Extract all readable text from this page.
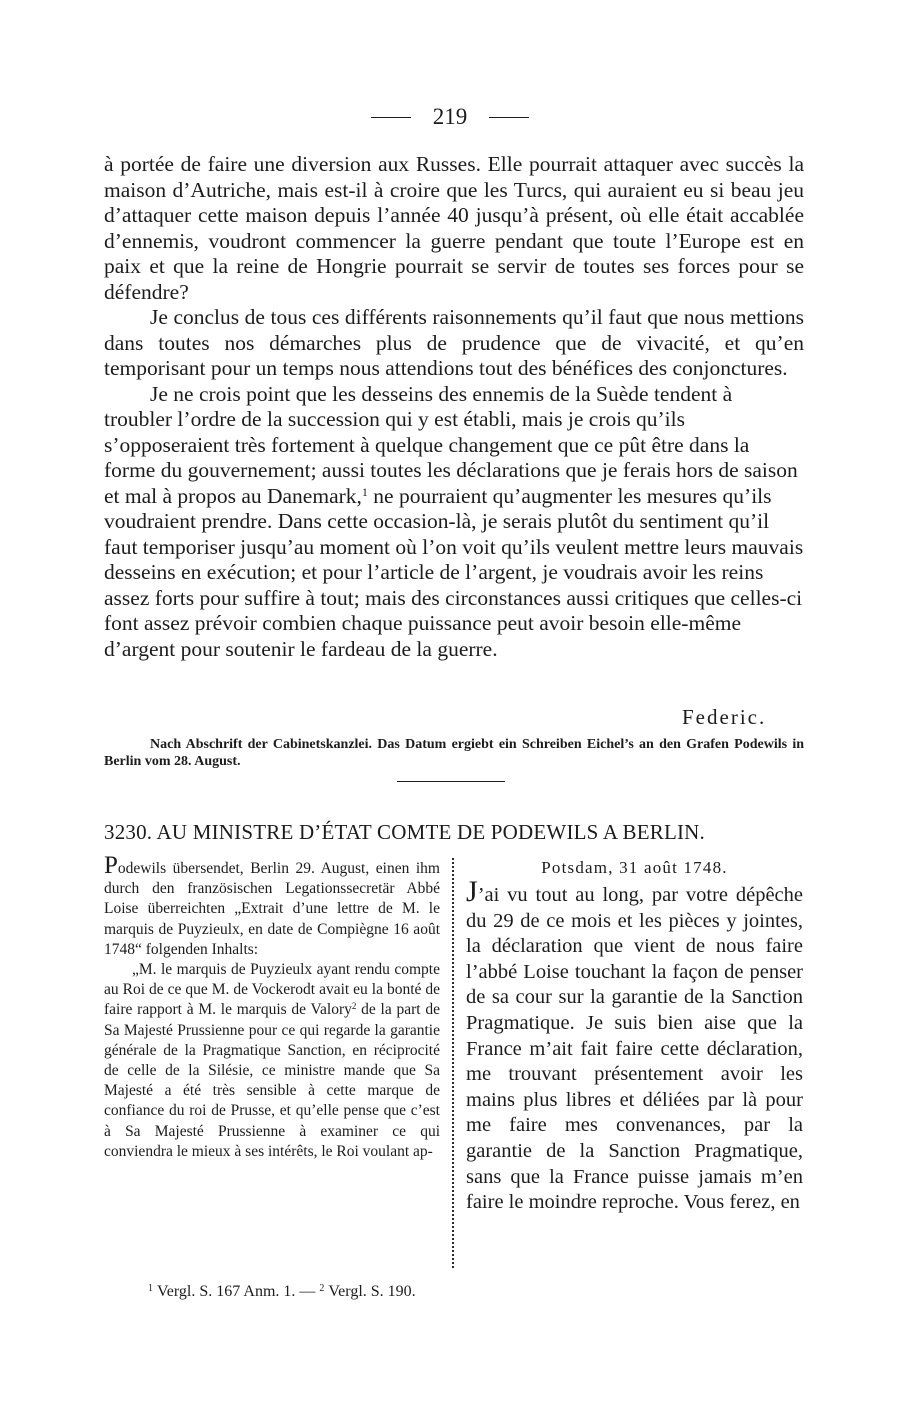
219

à portée de faire une diversion aux Russes. Elle pourrait attaquer avec succès la maison d’Autriche, mais est-il à croire que les Turcs, qui auraient eu si beau jeu d’attaquer cette maison depuis l’année 40 jusqu’à présent, où elle était accablée d’ennemis, voudront commencer la guerre pendant que toute l’Europe est en paix et que la reine de Hongrie pourrait se servir de toutes ses forces pour se défendre?

Je conclus de tous ces différents raisonnements qu’il faut que nous mettions dans toutes nos démarches plus de prudence que de vivacité, et qu’en temporisant pour un temps nous attendions tout des bénéfices des conjonctures.

Je ne crois point que les desseins des ennemis de la Suède tendent à troubler l’ordre de la succession qui y est établi, mais je crois qu’ils s’opposeraient très fortement à quelque changement que ce pût être dans la forme du gouvernement; aussi toutes les déclarations que je ferais hors de saison et mal à propos au Danemark,$^1$ ne pourraient qu’augmenter les mesures qu’ils voudraient prendre. Dans cette occasion-là, je serais plutôt du sentiment qu’il faut temporiser jusqu’au moment où l’on voit qu’ils veulent mettre leurs mauvais desseins en exécution; et pour l’article de l’argent, je voudrais avoir les reins assez forts pour suffire à tout; mais des circonstances aussi critiques que celles-ci font assez prévoir combien chaque puissance peut avoir besoin elle-même d’argent pour soutenir le fardeau de la guerre.

Federic.
Nach Abschrift der Cabinetskanzlei. Das Datum ergiebt ein Schreiben Eichel’s an den Grafen Podewils in Berlin vom 28. August.
3230. AU MINISTRE D’ÉTAT COMTE DE PODEWILS A BERLIN.

Podewils übersendet, Berlin 29. August, einen ihm durch den französischen Legationssecretär Abbé Loise überreichten „Extrait d’une lettre de M. le marquis de Puyzieulx, en date de Compiègne 16 août 1748“ folgenden Inhalts:

„M. le marquis de Puyzieulx ayant rendu compte au Roi de ce que M. de Vockerodt avait eu la bonté de faire rapport à M. le marquis de Valory$^2$ de la part de Sa Majesté Prussienne pour ce qui regarde la garantie générale de la Pragmatique Sanction, en réciprocité de celle de la Silésie, ce ministre mande que Sa Majesté a été très sensible à cette marque de confiance du roi de Prusse, et qu’elle pense que c’est à Sa Majesté Prussienne à examiner ce qui conviendra le mieux à ses intérêts, le Roi voulant ap-

Potsdam, 31 août 1748.

J’ai vu tout au long, par votre dépêche du 29 de ce mois et les pièces y jointes, la déclaration que vient de nous faire l’abbé Loise touchant la façon de penser de sa cour sur la garantie de la Sanction Pragmatique. Je suis bien aise que la France m’ait fait faire cette déclaration, me trouvant présentement avoir les mains plus libres et déliées par là pour me faire mes convenances, par la garantie de la Sanction Pragmatique, sans que la France puisse jamais m’en faire le moindre reproche. Vous ferez, en

$^1$ Vergl. S. 167 Anm. 1. — $^2$ Vergl. S. 190.
